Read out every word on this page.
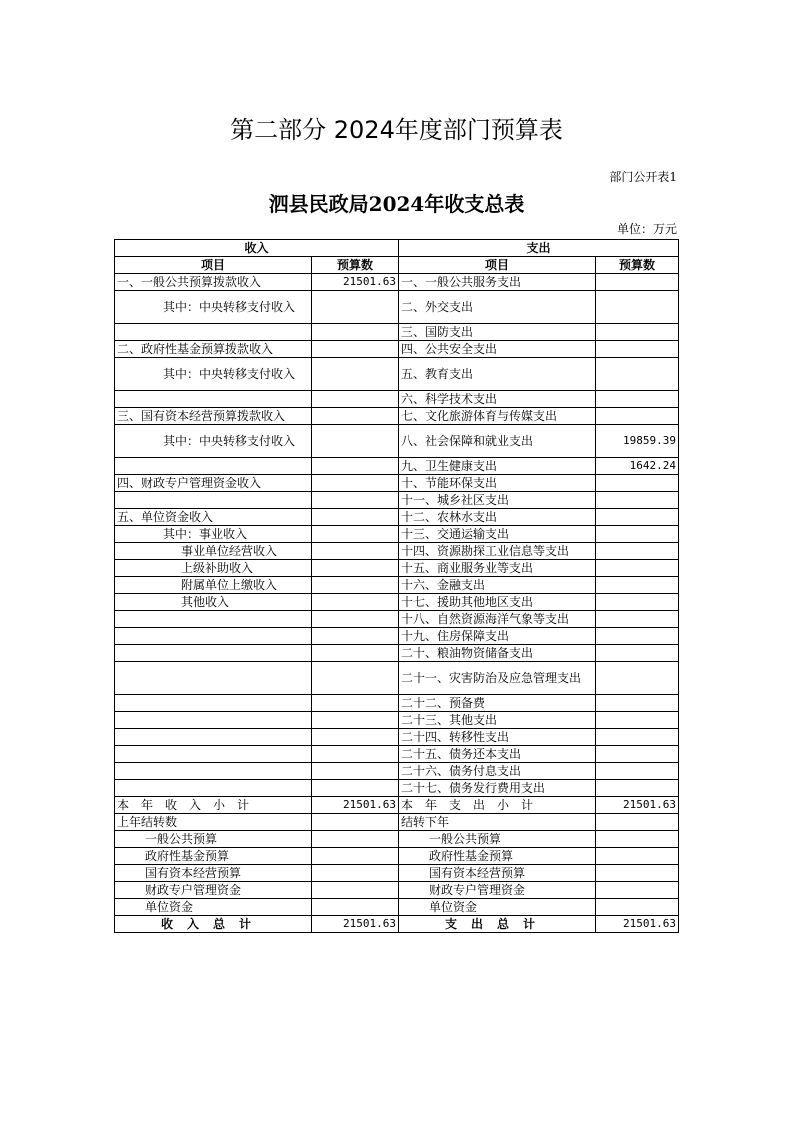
第二部分 2024年度部门预算表
部门公开表1
泗县民政局2024年收支总表
单位：万元
收入		支出	
项目	预算数	项目	预算数
一、一般公共预算拨款收入	21501.63	一、一般公共服务支出	
其中：中央转移支付收入		二、外交支出	
		三、国防支出	
二、政府性基金预算拨款收入		四、公共安全支出	
其中：中央转移支付收入		五、教育支出	
		六、科学技术支出	
三、国有资本经营预算拨款收入		七、文化旅游体育与传媒支出	
其中：中央转移支付收入		八、社会保障和就业支出	19859.39
		九、卫生健康支出	1642.24
四、财政专户管理资金收入		十、节能环保支出	
		十一、城乡社区支出	
五、单位资金收入		十二、农林水支出	
其中：事业收入		十三、交通运输支出	
事业单位经营收入		十四、资源勘探工业信息等支出	
上级补助收入		十五、商业服务业等支出	
附属单位上缴收入		十六、金融支出	
其他收入		十七、援助其他地区支出	
		十八、自然资源海洋气象等支出	
		十九、住房保障支出	
		二十、粮油物资储备支出	
		二十一、灾害防治及应急管理支出	
		二十二、预备费	
		二十三、其他支出	
		二十四、转移性支出	
		二十五、债务还本支出	
		二十六、债务付息支出	
		二十七、债务发行费用支出	
本年收入小计	21501.63	本年支出小计	21501.63
上年结转数		结转下年	
一般公共预算		一般公共预算	
政府性基金预算		政府性基金预算	
国有资本经营预算		国有资本经营预算	
财政专户管理资金		财政专户管理资金	
单位资金		单位资金	
收入总计	21501.63	支出总计	21501.63
